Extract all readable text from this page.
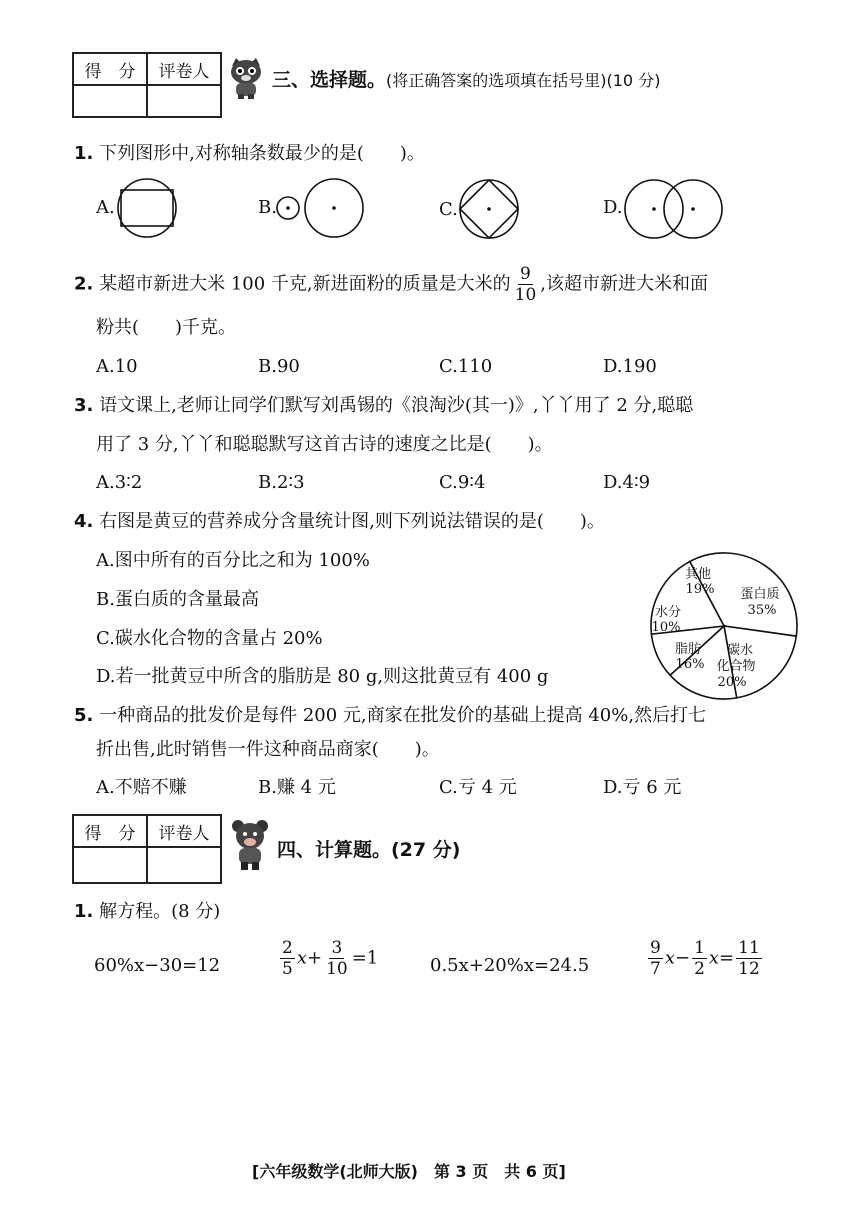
得　分	评卷人
		三、选择题。(将正确答案的选项填在括号里)(10 分)
1. 下列图形中,对称轴条数最少的是(　　)。
A.	B.	C.	D.
2. 某超市新进大米 100 千克,新进面粉的质量是大米的 $\frac{9}{10}$ ,该超市新进大米和面
粉共(　　)千克。
A.10	B.90	C.110	D.190
3. 语文课上,老师让同学们默写刘禹锡的《浪淘沙(其一)》,丫丫用了 2 分,聪聪
用了 3 分,丫丫和聪聪默写这首古诗的速度之比是(　　)。
A.3∶2	B.2∶3	C.9∶4	D.4∶9
4. 右图是黄豆的营养成分含量统计图,则下列说法错误的是(　　)。
A.图中所有的百分比之和为 100%
B.蛋白质的含量最高
C.碳水化合物的含量占 20%
D.若一批黄豆中所含的脂肪是 80 g,则这批黄豆有 400 g
其他
19% 蛋白质
35%
水分
10%
脂肪
16%
碳水
化合物
20%
5. 一种商品的批发价是每件 200 元,商家在批发价的基础上提高 40%,然后打七
折出售,此时销售一件这种商品商家(　　)。
A.不赔不赚	B.赚 4 元	C.亏 4 元	D.亏 6 元
得　分	评卷人

四、计算题。(27 分)
1. 解方程。(8 分)
60%x−30=12	$\frac{2}{5} x+ \frac{3}{10} =1$	0.5x+20%x=24.5	$\frac{9}{7} x- \frac{1}{2} x= \frac{11}{12}$
[六年级数学(北师大版)　第 3 页　共 6 页]
